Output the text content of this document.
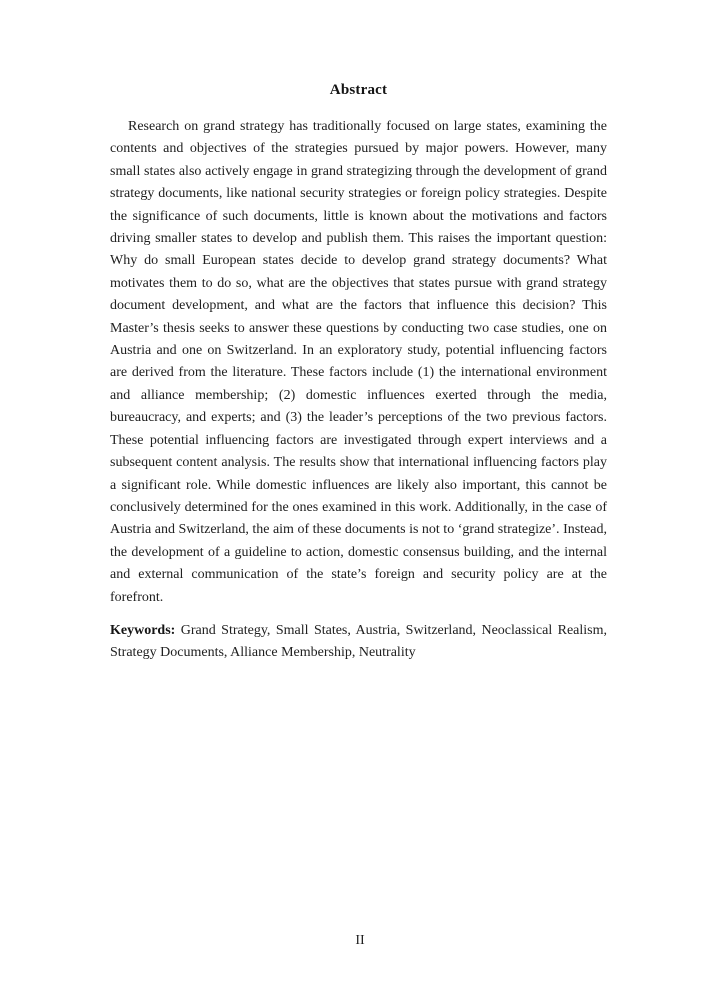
Abstract

Research on grand strategy has traditionally focused on large states, examining the contents and objectives of the strategies pursued by major powers. However, many small states also actively engage in grand strategizing through the development of grand strategy documents, like national security strategies or foreign policy strategies. Despite the significance of such documents, little is known about the motivations and factors driving smaller states to develop and publish them. This raises the important question: Why do small European states decide to develop grand strategy documents? What motivates them to do so, what are the objectives that states pursue with grand strategy document development, and what are the factors that influence this decision? This Master’s thesis seeks to answer these questions by conducting two case studies, one on Austria and one on Switzerland. In an exploratory study, potential influencing factors are derived from the literature. These factors include (1) the international environment and alliance membership; (2) domestic influences exerted through the media, bureaucracy, and experts; and (3) the leader’s perceptions of the two previous factors. These potential influencing factors are investigated through expert interviews and a subsequent content analysis. The results show that international influencing factors play a significant role. While domestic influences are likely also important, this cannot be conclusively determined for the ones examined in this work. Additionally, in the case of Austria and Switzerland, the aim of these documents is not to ‘grand strategize’. Instead, the development of a guideline to action, domestic consensus building, and the internal and external communication of the state’s foreign and security policy are at the forefront.

Keywords: Grand Strategy, Small States, Austria, Switzerland, Neoclassical Realism, Strategy Documents, Alliance Membership, Neutrality

II
